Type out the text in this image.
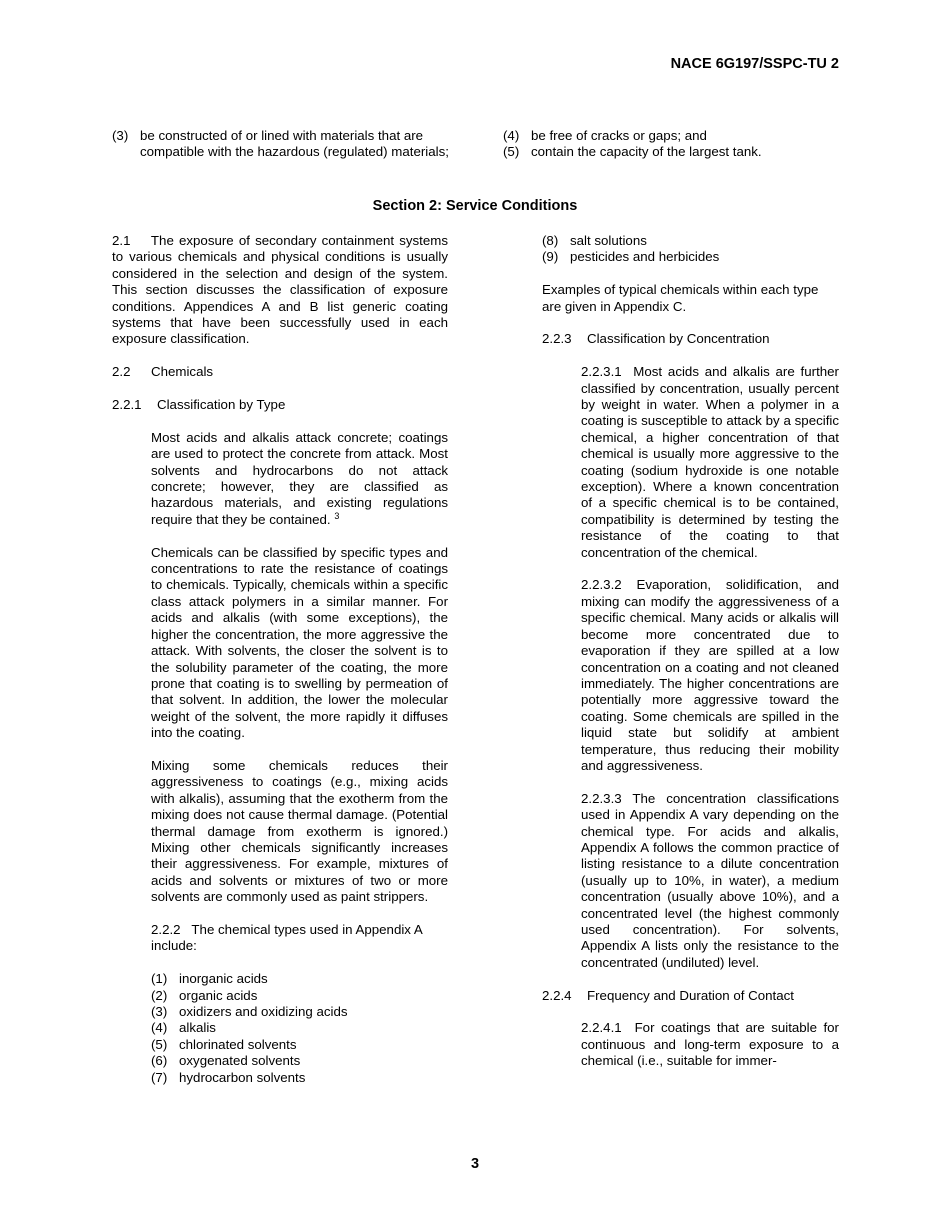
NACE 6G197/SSPC-TU 2
(3) be constructed of or lined with materials that are compatible with the hazardous (regulated) materials;
(4) be free of cracks or gaps; and
(5) contain the capacity of the largest tank.
Section 2: Service Conditions

2.1 The exposure of secondary containment systems to various chemicals and physical conditions is usually considered in the selection and design of the system. This section discusses the classification of exposure conditions. Appendices A and B list generic coating systems that have been successfully used in each exposure classification.

2.2 Chemicals
2.2.1 Classification by Type

Most acids and alkalis attack concrete; coatings are used to protect the concrete from attack. Most solvents and hydrocarbons do not attack concrete; however, they are classified as hazardous materials, and existing regulations require that they be contained. $^3$

Chemicals can be classified by specific types and concentrations to rate the resistance of coatings to chemicals. Typically, chemicals within a specific class attack polymers in a similar manner. For acids and alkalis (with some exceptions), the higher the concentration, the more aggressive the attack. With solvents, the closer the solvent is to the solubility parameter of the coating, the more prone that coating is to swelling by permeation of that solvent. In addition, the lower the molecular weight of the solvent, the more rapidly it diffuses into the coating.

Mixing some chemicals reduces their aggressiveness to coatings (e.g., mixing acids with alkalis), assuming that the exotherm from the mixing does not cause thermal damage. (Potential thermal damage from exotherm is ignored.) Mixing other chemicals significantly increases their aggressiveness. For example, mixtures of acids and solvents or mixtures of two or more solvents are commonly used as paint strippers.

2.2.2 The chemical types used in Appendix A include:

(1) inorganic acids
(2) organic acids
(3) oxidizers and oxidizing acids
(4) alkalis
(5) chlorinated solvents
(6) oxygenated solvents
(7) hydrocarbon solvents
(8) salt solutions
(9) pesticides and herbicides

Examples of typical chemicals within each type are given in Appendix C.

2.2.3 Classification by Concentration

2.2.3.1 Most acids and alkalis are further classified by concentration, usually percent by weight in water. When a polymer in a coating is susceptible to attack by a specific chemical, a higher concentration of that chemical is usually more aggressive to the coating (sodium hydroxide is one notable exception). Where a known concentration of a specific chemical is to be contained, compatibility is determined by testing the resistance of the coating to that concentration of the chemical.

2.2.3.2 Evaporation, solidification, and mixing can modify the aggressiveness of a specific chemical. Many acids or alkalis will become more concentrated due to evaporation if they are spilled at a low concentration on a coating and not cleaned immediately. The higher concentrations are potentially more aggressive toward the coating. Some chemicals are spilled in the liquid state but solidify at ambient temperature, thus reducing their mobility and aggressiveness.

2.2.3.3 The concentration classifications used in Appendix A vary depending on the chemical type. For acids and alkalis, Appendix A follows the common practice of listing resistance to a dilute concentration (usually up to 10%, in water), a medium concentration (usually above 10%), and a concentrated level (the highest commonly used concentration). For solvents, Appendix A lists only the resistance to the concentrated (undiluted) level.

2.2.4 Frequency and Duration of Contact

2.2.4.1 For coatings that are suitable for continuous and long-term exposure to a chemical (i.e., suitable for immer-

3
